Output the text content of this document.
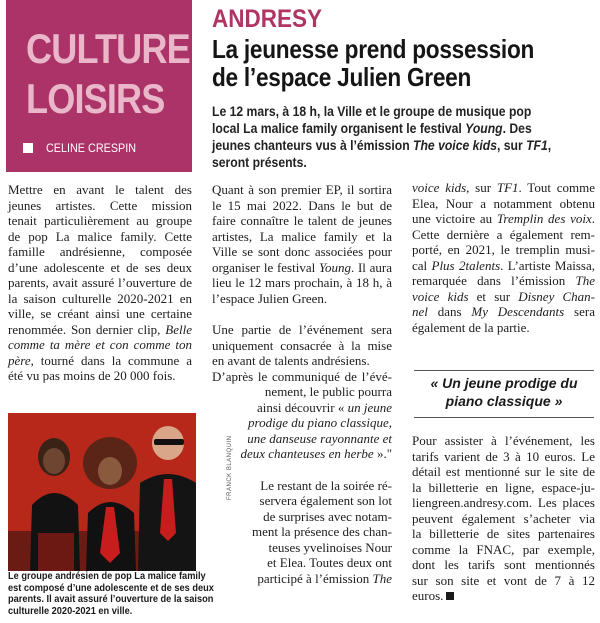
CULTURE
LOISIRS
CELINE CRESPIN
ANDRESY
La jeunesse prend possession
de l’espace Julien Green
Le 12 mars, à 18 h, la Ville et le groupe de musique pop
local La malice family organisent le festival Young. Des
jeunes chanteurs vus à l’émission The voice kids, sur TF1,
seront présents.
Mettre en avant le talent des
jeunes artistes. Cette mission
tenait particulièrement au groupe
de pop La malice family. Cette
famille andrésienne, composée
d’une adolescente et de ses deux
parents, avait assuré l’ouverture de
la saison culturelle 2020-2021 en
ville, se créant ainsi une certaine
renommée. Son dernier clip, Belle
comme ta mère et con comme ton
père, tourné dans la commune a
été vu pas moins de 20 000 fois.
FRANCK BLANQUIN
Le groupe andrésien de pop La malice family
est composé d’une adolescente et de ses deux
parents. Il avait assuré l’ouverture de la saison
culturelle 2020-2021 en ville.
Quant à son premier EP, il sortira
le 15 mai 2022. Dans le but de
faire connaître le talent de jeunes
artistes, La malice family et la
Ville se sont donc associées pour
organiser le festival Young. Il aura
lieu le 12 mars prochain, à 18 h, à
l’espace Julien Green.
Une partie de l’événement sera
uniquement consacrée à la mise
en avant de talents andrésiens.
D’après le communiqué de l’évé-
nement, le public pourra
ainsi découvrir « un jeune
prodige du piano classique,
une danseuse rayonnante et
deux chanteuses en herbe »."
Le restant de la soirée ré-
servera également son lot
de surprises avec notam-
ment la présence des chan-
teuses yvelinoises Nour
et Elea. Toutes deux ont
participé à l’émission The
voice kids, sur TF1. Tout comme
Elea, Nour a notamment obtenu
une victoire au Tremplin des voix.
Cette dernière a également rem-
porté, en 2021, le tremplin musi-
cal Plus 2talents. L’artiste Maissa,
remarquée dans l’émission The
voice kids et sur Disney Chan-
nel dans My Descendants sera
également de la partie.
« Un jeune prodige du
piano classique »
Pour assister à l’événement, les
tarifs varient de 3 à 10 euros. Le
détail est mentionné sur le site de
la billetterie en ligne, espace-ju-
liengreen.andresy.com. Les places
peuvent également s’acheter via
la billetterie de sites partenaires
comme la FNAC, par exemple,
dont les tarifs sont mentionnés
sur son site et vont de 7 à 12
euros.
